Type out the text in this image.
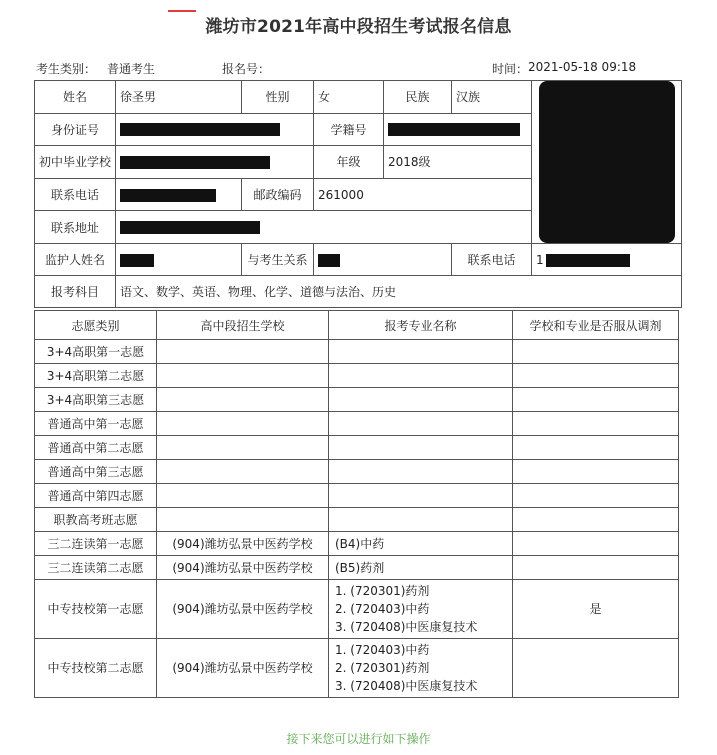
潍坊市2021年高中段招生考试报名信息
考生类别： 普通考生	报名号：	时间： 2021-05-18 09:18
姓名	徐圣男	性别	女	民族	汉族	

身份证号			学籍号			
初中毕业学校			年级	2018级		
联系电话		邮政编码	261000			
联系地址						
监护人姓名		与考生关系			联系电话	1
报考科目	语文、数学、英语、物理、化学、道德与法治、历史					
志愿类别	高中段招生学校	报考专业名称	学校和专业是否服从调剂
3+4高职第一志愿			
3+4高职第二志愿			
3+4高职第三志愿			
普通高中第一志愿			
普通高中第二志愿			
普通高中第三志愿			
普通高中第四志愿			
职教高考班志愿			
三二连读第一志愿	(904)潍坊弘景中医药学校	(B4)中药	
三二连读第二志愿	(904)潍坊弘景中医药学校	(B5)药剂	
中专技校第一志愿	(904)潍坊弘景中医药学校	1. (720301)药剂
2. (720403)中药
3. (720408)中医康复技术	是
中专技校第二志愿	(904)潍坊弘景中医药学校	1. (720403)中药
2. (720301)药剂
3. (720408)中医康复技术	

接下来您可以进行如下操作
